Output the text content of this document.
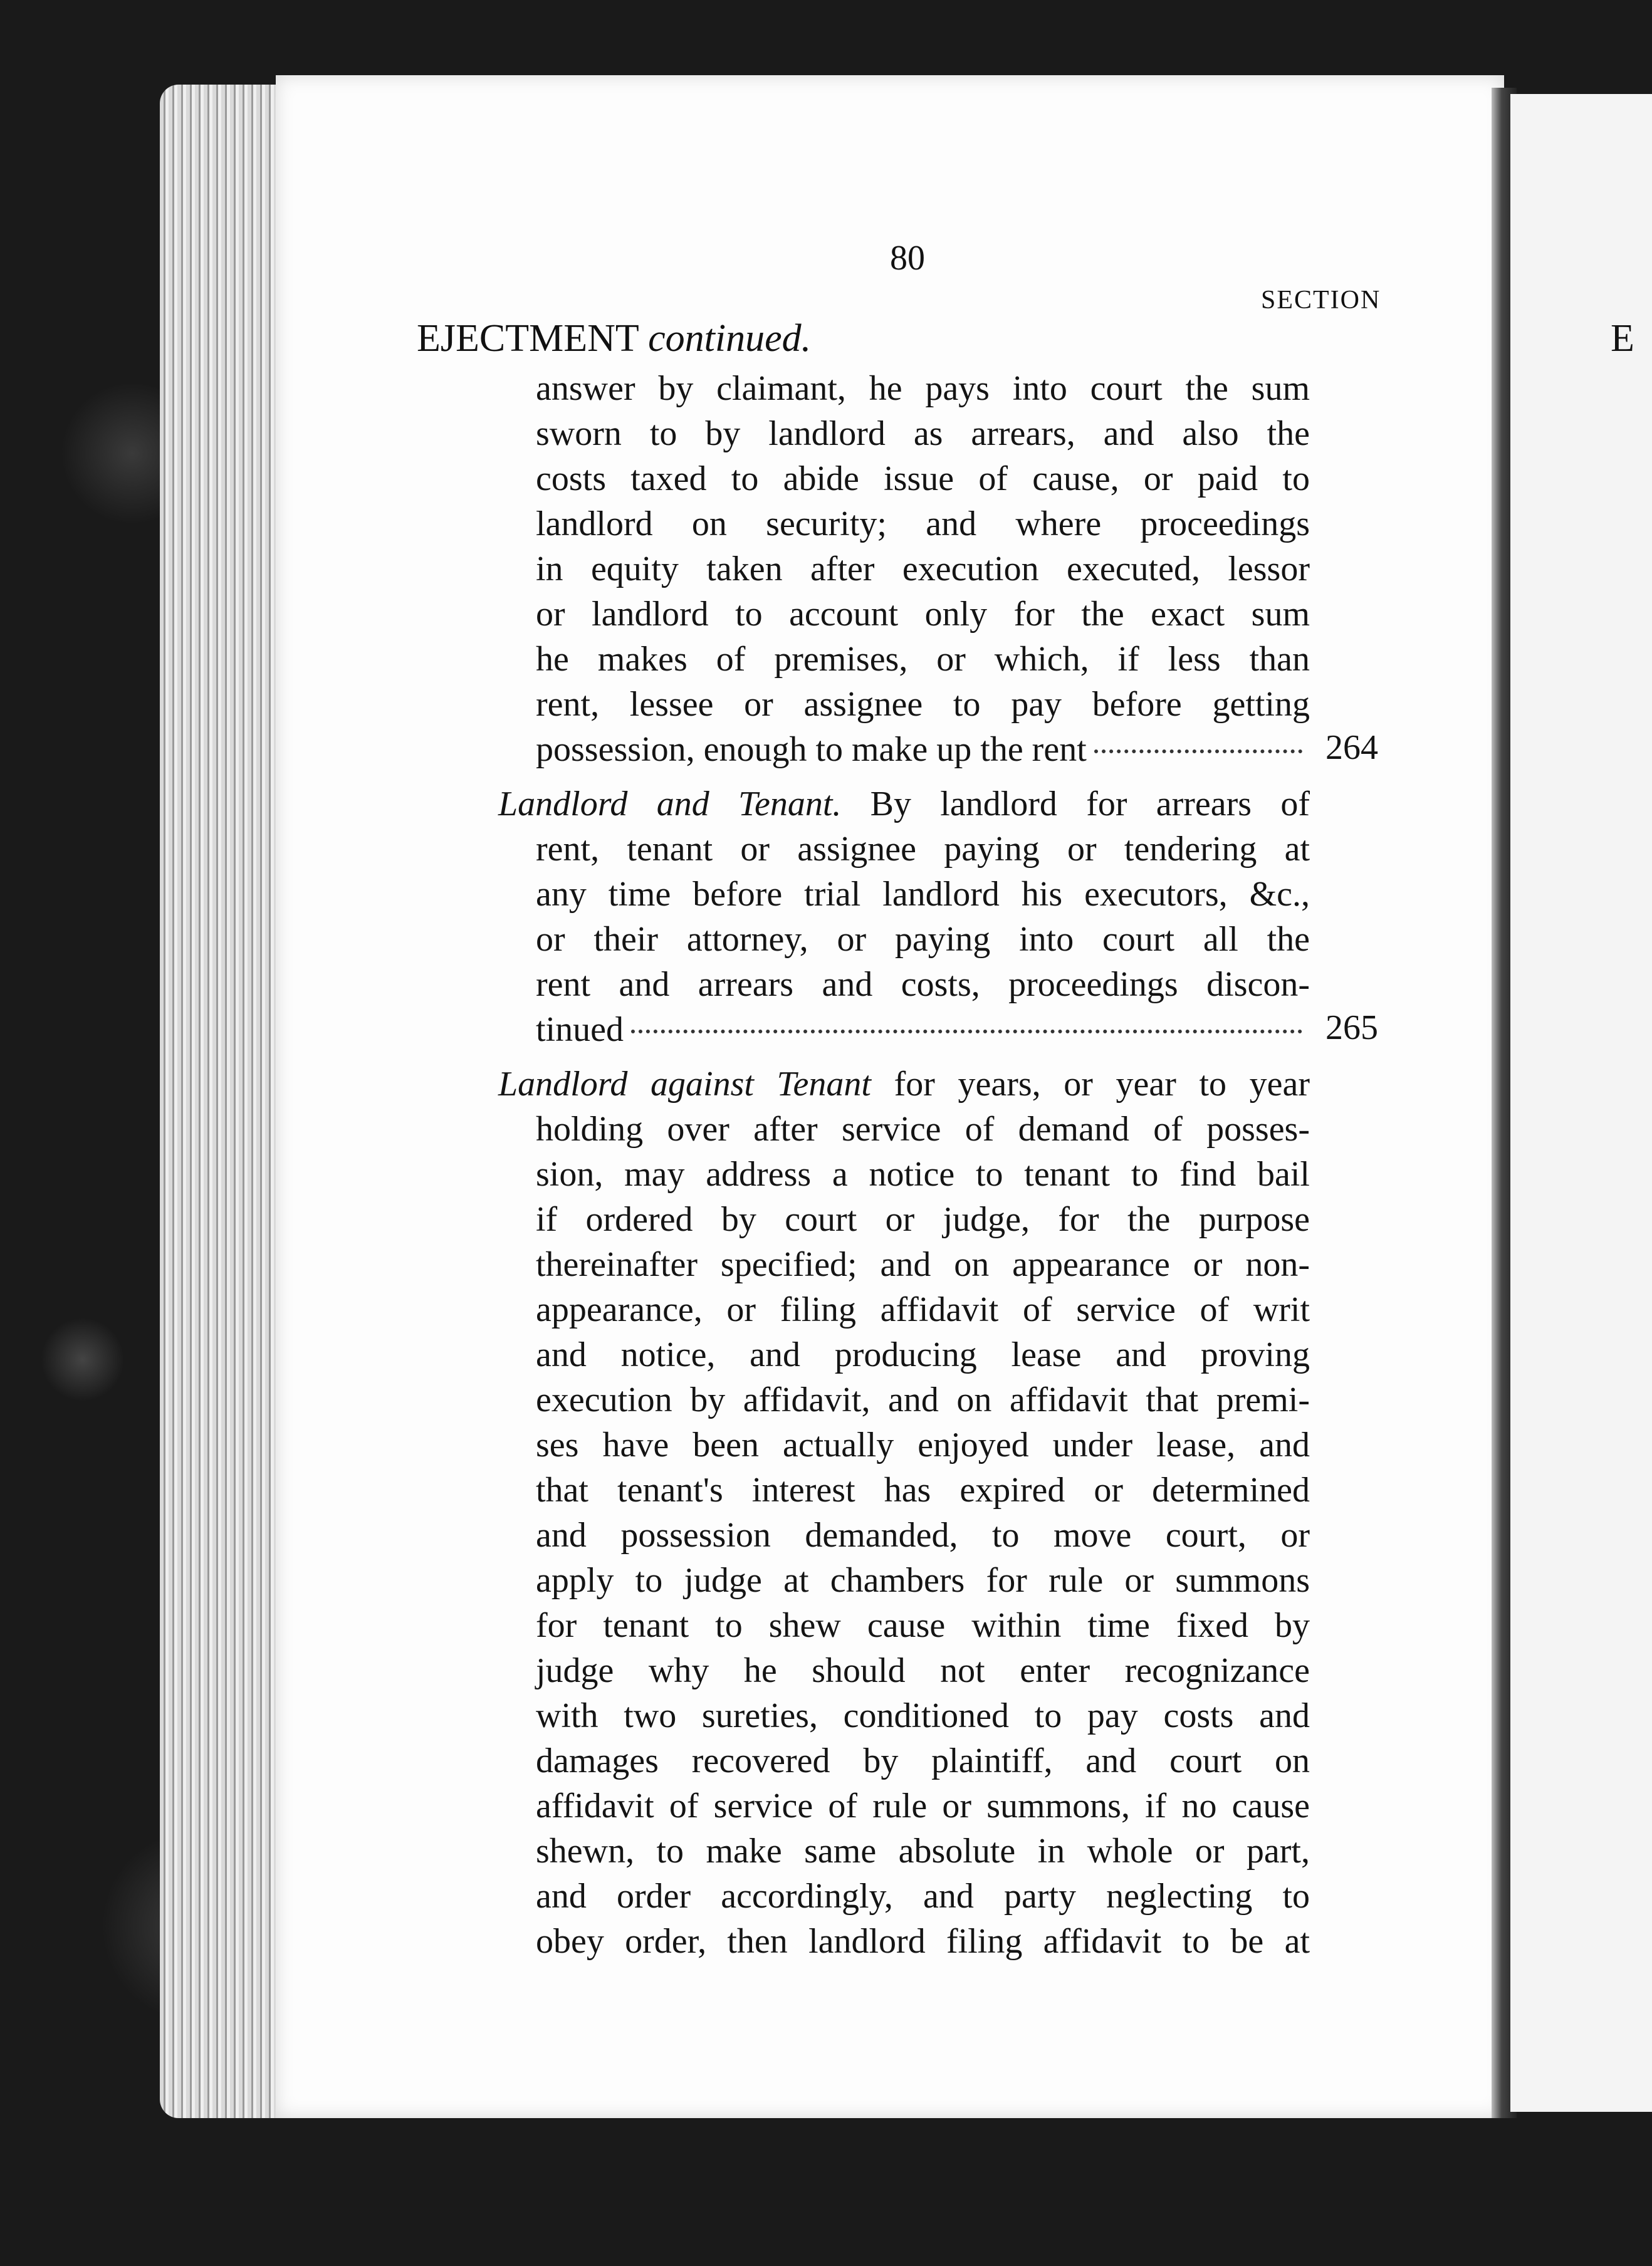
E
80
SECTION
EJECTMENT continued.
answer by claimant, he pays into court the sum
sworn to by landlord as arrears, and also the
costs taxed to abide issue of cause, or paid to
landlord on security; and where proceedings
in equity taken after execution executed, lessor
or landlord to account only for the exact sum
he makes of premises, or which, if less than
rent, lessee or assignee to pay before getting
possession, enough to make up the rent	264
Landlord and Tenant. By landlord for arrears of
rent, tenant or assignee paying or tendering at
any time before trial landlord his executors, &c.,
or their attorney, or paying into court all the
rent and arrears and costs, proceedings discon-
tinued	265
Landlord against Tenant for years, or year to year
holding over after service of demand of posses-
sion, may address a notice to tenant to find bail
if ordered by court or judge, for the purpose
thereinafter specified; and on appearance or non-
appearance, or filing affidavit of service of writ
and notice, and producing lease and proving
execution by affidavit, and on affidavit that premi-
ses have been actually enjoyed under lease, and
that tenant's interest has expired or determined
and possession demanded, to move court, or
apply to judge at chambers for rule or summons
for tenant to shew cause within time fixed by
judge why he should not enter recognizance
with two sureties, conditioned to pay costs and
damages recovered by plaintiff, and court on
affidavit of service of rule or summons, if no cause
shewn, to make same absolute in whole or part,
and order accordingly, and party neglecting to
obey order, then landlord filing affidavit to be at
